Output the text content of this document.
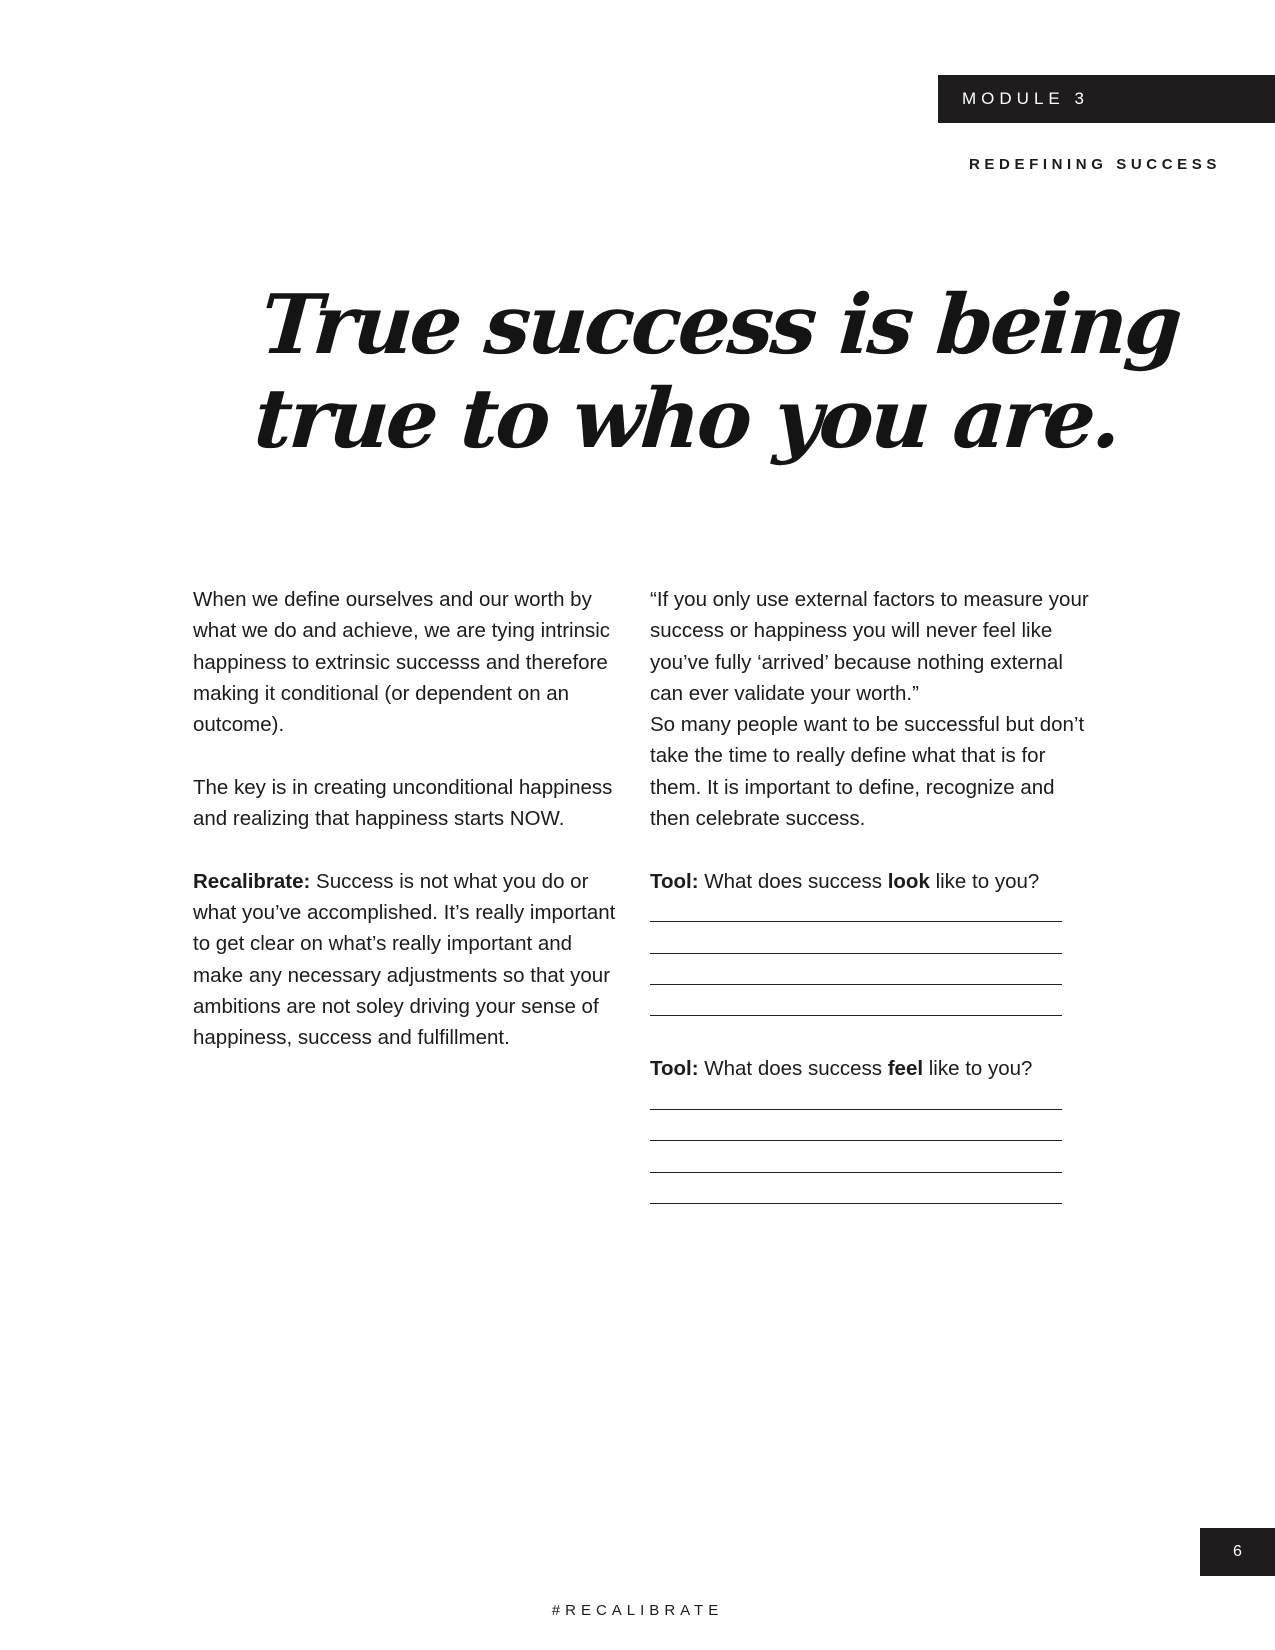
MODULE 3
REDEFINING SUCCESS
True success is being
true to who you are.

When we define ourselves and our worth by what we do and achieve, we are tying intrinsic happiness to extrinsic successs and therefore making it conditional (or dependent on an outcome).

The key is in creating unconditional happiness and realizing that happiness starts NOW.

Recalibrate: Success is not what you do or what you’ve accomplished. It’s really important to get clear on what’s really important and make any necessary adjustments so that your ambitions are not soley driving your sense of happiness, success and fulfillment.

“If you only use external factors to measure your success or happiness you will never feel like you’ve fully ‘arrived’ because nothing external can ever validate your worth.”

So many people want to be successful but don’t take the time to really define what that is for them. It is important to define, recognize and then celebrate success.

Tool: What does success look like to you?

Tool: What does success feel like to you?

6
#RECALIBRATE
